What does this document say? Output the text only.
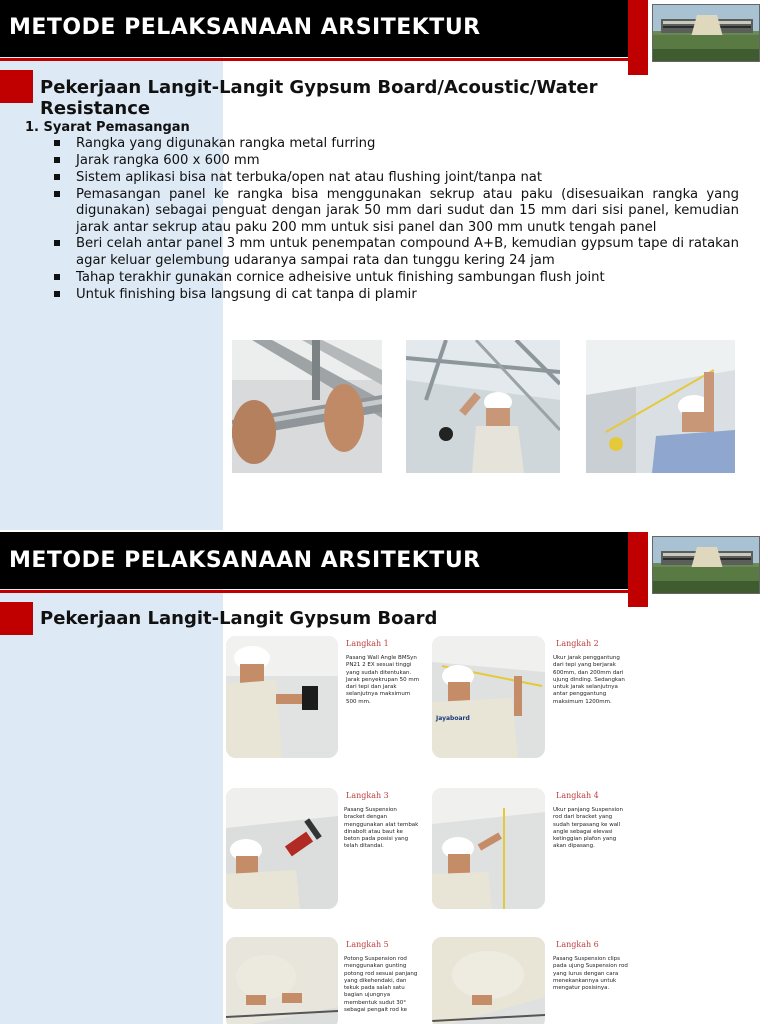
METODE PELAKSANAAN ARSITEKTUR
Pekerjaan Langit-Langit Gypsum Board/Acoustic/Water Resistance
1. Syarat Pemasangan
Rangka yang digunakan rangka metal furring
Jarak rangka 600 x 600 mm
Sistem aplikasi bisa nat terbuka/open nat atau flushing joint/tanpa nat
Pemasangan panel ke rangka bisa menggunakan sekrup atau paku (disesuaikan rangka yang digunakan) sebagai penguat dengan jarak 50 mm dari sudut dan 15 mm dari sisi panel, kemudian jarak antar sekrup atau paku 200 mm untuk sisi panel dan 300 mm unutk tengah panel
Beri celah antar panel 3 mm untuk penempatan compound A+B, kemudian gypsum tape di ratakan agar keluar gelembung udaranya sampai rata dan tunggu kering 24 jam
Tahap terakhir gunakan cornice adheisive untuk finishing sambungan flush joint
Untuk finishing bisa langsung di cat tanpa di plamir
METODE PELAKSANAAN ARSITEKTUR
Pekerjaan Langit-Langit Gypsum Board
Langkah 1
Pasang Wall Angle BMSyn PN21 2 EX sesuai tinggi yang sudah ditentukan. Jarak penyekrupan 50 mm dari tepi dan jarak selanjutnya maksimum 500 mm.
Jayaboard
Langkah 2
Ukur jarak penggantung dari tepi yang berjarak 600mm, dan 200mm dari ujung dinding. Sedangkan untuk jarak selanjutnya antar penggantung maksimum 1200mm.
Langkah 3
Pasang Suspension bracket dengan menggunakan alat tembak dinabolt atau baut ke beton pada posisi yang telah ditandai.
Langkah 4
Ukur panjang Suspension rod dari bracket yang sudah terpasang ke wall angle sebagai elevasi ketinggian plafon yang akan dipasang.
Langkah 5
Potong Suspension rod menggunakan gunting potong rod sesuai panjang yang dikehendaki, dan tekuk pada salah satu bagian ujungnya membentuk sudut 30° sebagai pengait rod ke
Langkah 6
Pasang Suspension clips pada ujung Suspension rod yang lurus dengan cara menekankannya untuk mengatur posisinya.
